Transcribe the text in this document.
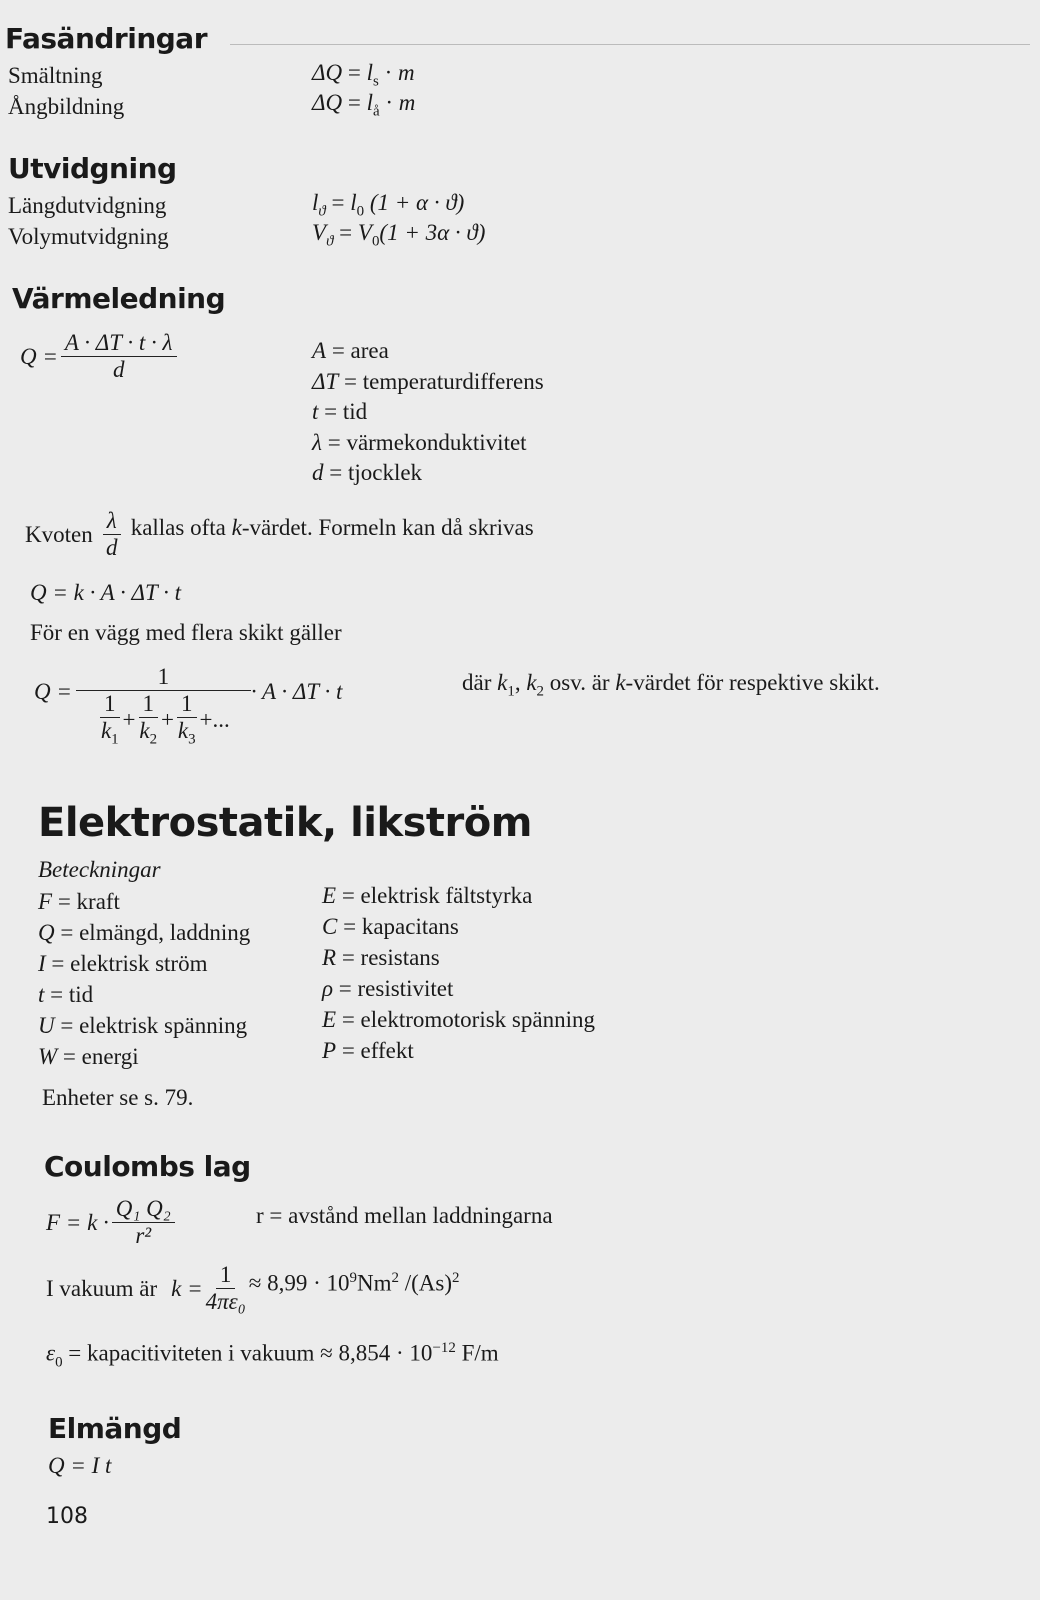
Fasändringar
Smältning	$\Delta Q = l_s \cdot m$
Ångbildning	$\Delta Q = l_å \cdot m$
Utvidgning
Längdutvidgning	$l_ϑ = l_0$ (1 + α · ϑ)
Volymutvidgning	$V_ϑ = V_0(1 + 3\alpha \cdot ϑ)$
Värmeledning
$Q = \frac{A \cdot \Delta T \cdot t \cdot \lambda}{d}$	A = area
ΔT = temperaturdifferens
t = tid
λ = värmekonduktivitet
d = tjocklek
Kvoten $\frac{\lambda}{d}$ kallas ofta k-värdet. Formeln kan då skrivas
Q = k · A · ΔT · t
För en vägg med flera skikt gäller
$Q = \frac{1}{\frac{1}{k_1} + \frac{1}{k_2} + \frac{1}{k_3} +...} \cdot A \cdot \Delta T \cdot t$	där $k_1$, $k_2$ osv. är k-värdet för respektive skikt.
Elektrostatik, likström
Beteckningar
F = kraft
Q = elmängd, laddning
I = elektrisk ström
t = tid
U = elektrisk spänning
W = energi
E = elektrisk fältstyrka
C = kapacitans
R = resistans
ρ = resistivitet
E = elektromotorisk spänning
P = effekt
Enheter se s. 79.
Coulombs lag
$F = k \cdot \frac{\text{Q₁ Q₂}}{\text{r²}}$	r = avstånd mellan laddningarna
I vakuum är $k = \frac{1}{\text{4πε₀}} \approx 8,99 \cdot 10^9Nm^2$ $/(As)^2$
$\varepsilon_0$ = kapacitiviteten i vakuum ≈ $8,854 \cdot 10^{-12}$ F/m
Elmängd
Q = I t
108
